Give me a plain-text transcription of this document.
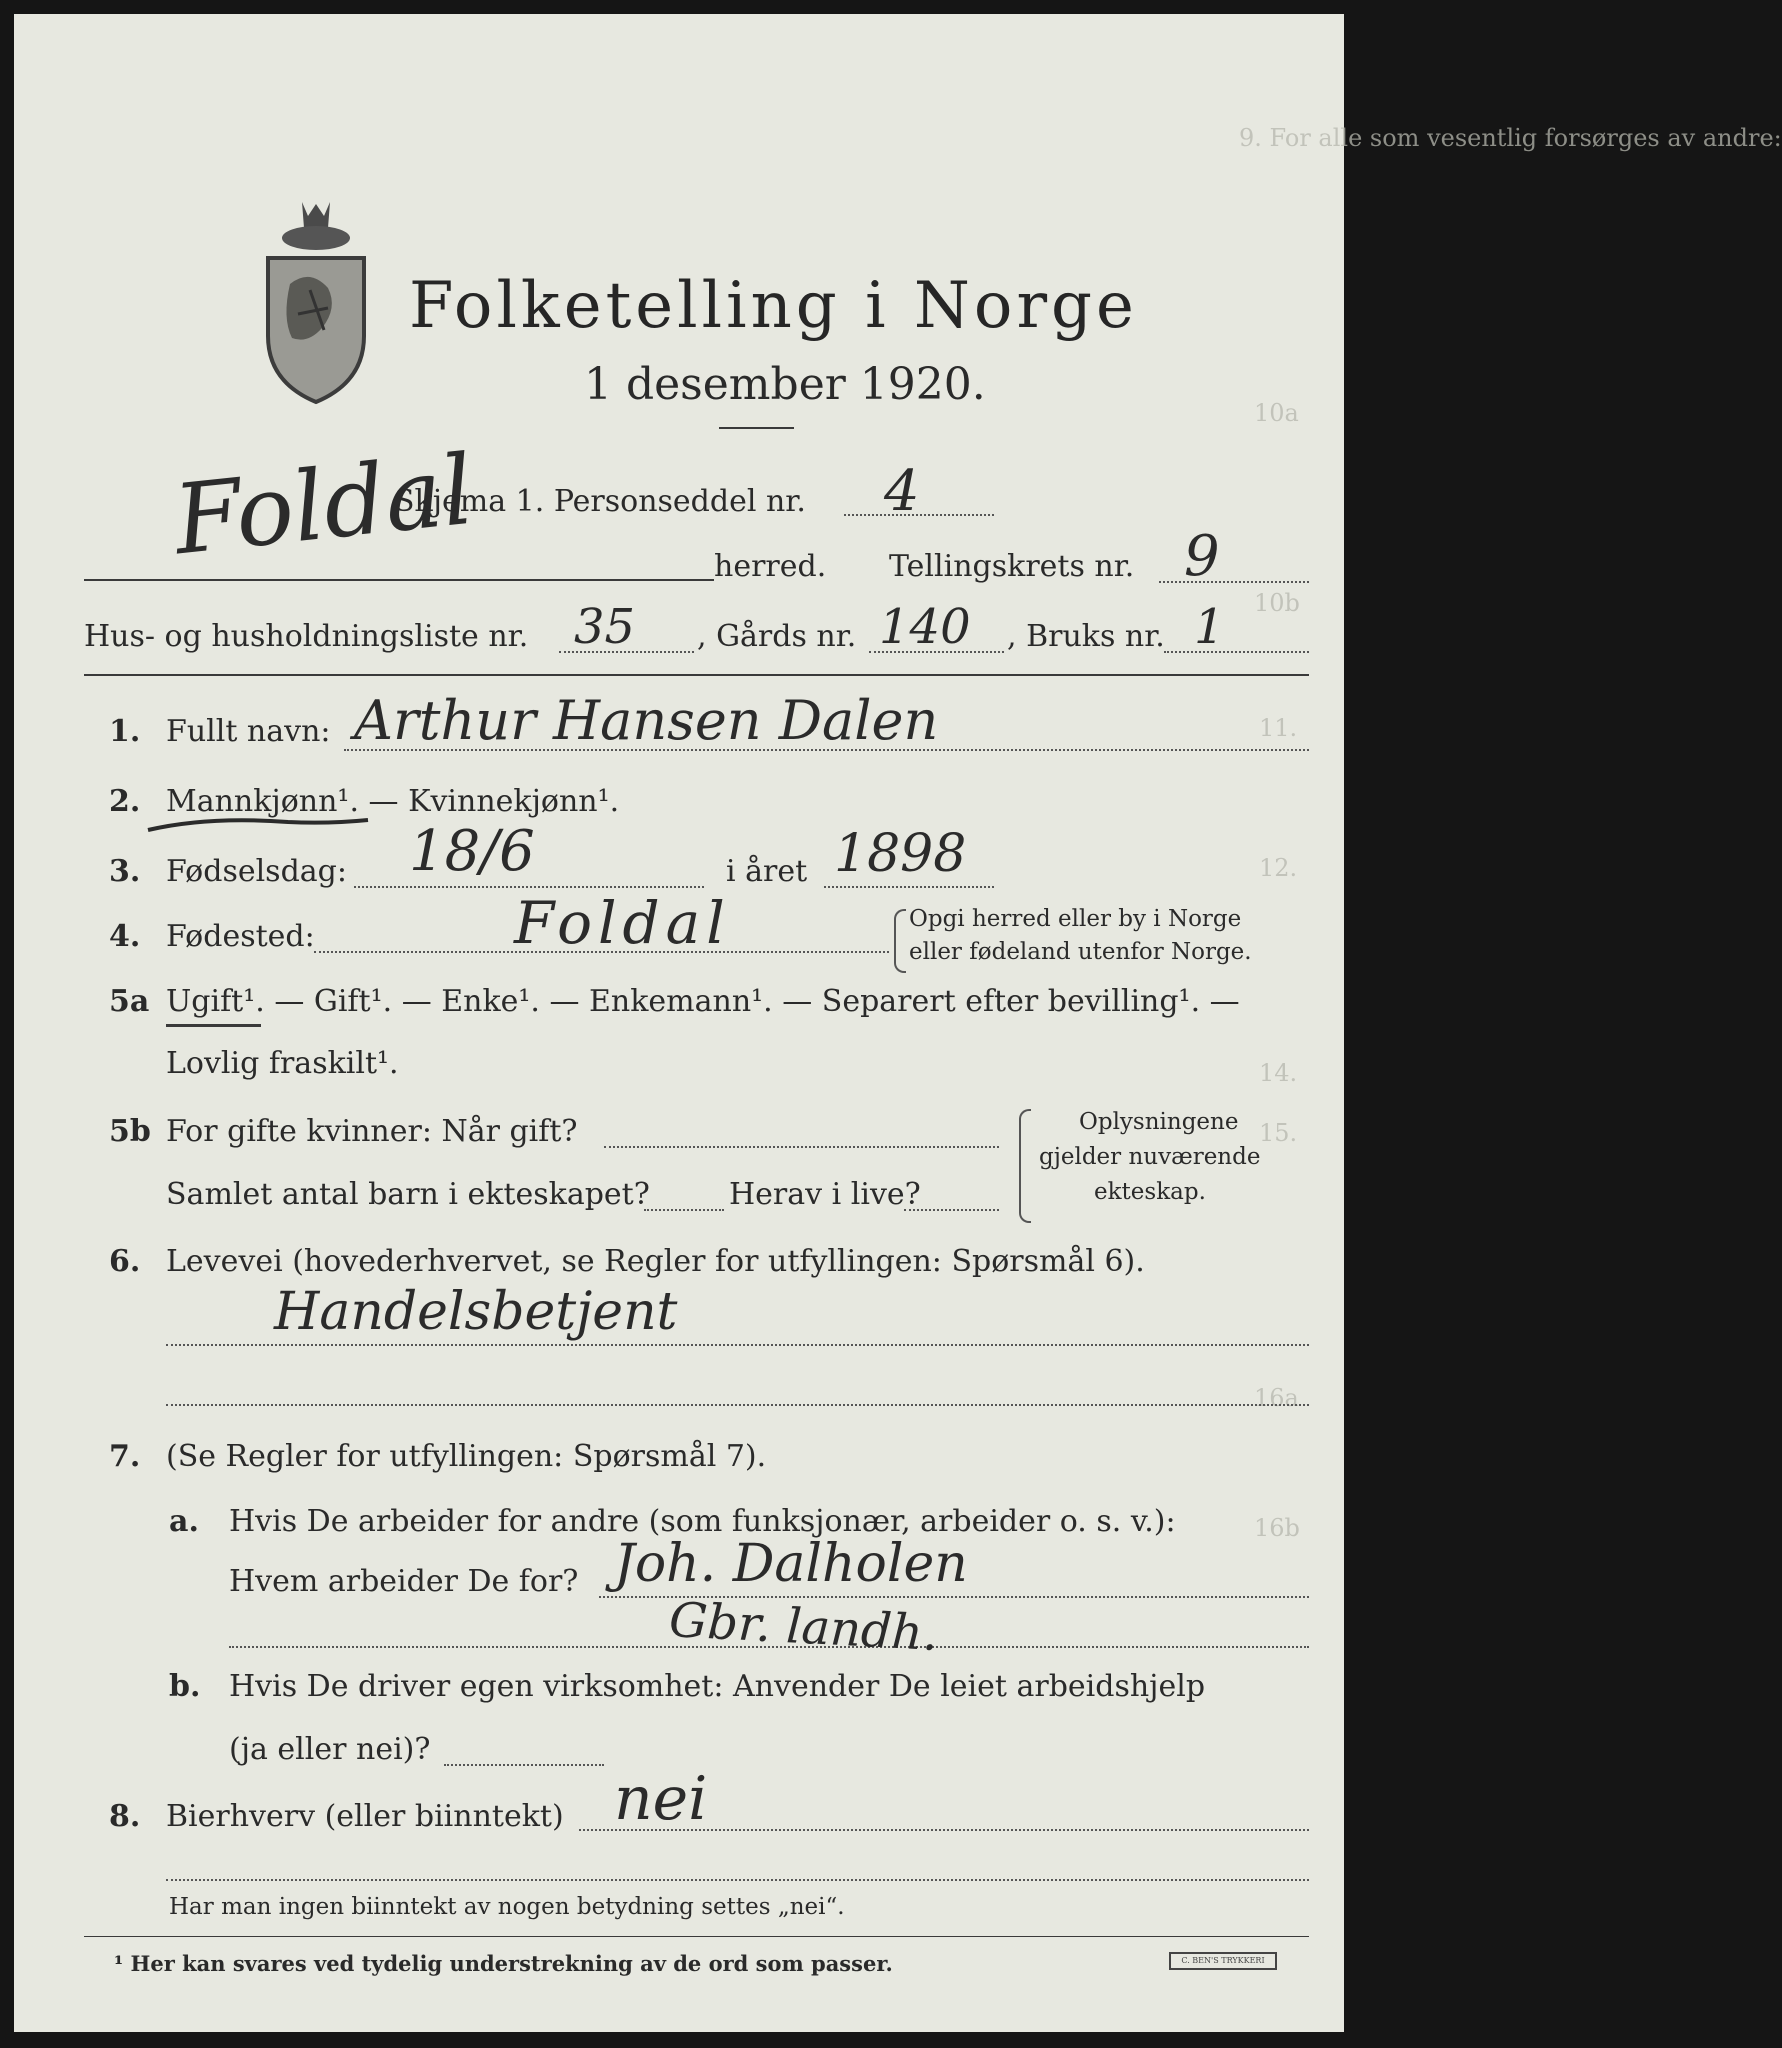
9. For alle som vesentlig forsørges av andre:
10a
10b
11.
12.
14.
15.
16a
16b
Folketelling i Norge
1 desember 1920.
Foldal
Skjema 1. Personseddel nr. 4
herred. Tellingskrets nr. 9
Hus- og husholdningsliste nr. 35 , Gårds nr. 140 , Bruks nr. 1
1. Fullt navn: Arthur Hansen Dalen
2. Mannkjønn¹. — Kvinnekjønn¹.
3. Fødselsdag: 18/6	i året 1898
4. Fødested:	Foldal	Opgi herred eller by i Norge
eller fødeland utenfor Norge.
5a Ugift¹. — Gift¹. — Enke¹. — Enkemann¹. — Separert efter bevilling¹. —
Lovlig fraskilt¹.
5b For gifte kvinner: Når gift?
Samlet antal barn i ekteskapet?	Herav i live?
Oplysningene
gjelder nuværende
ekteskap.
6. Levevei (hovederhvervet, se Regler for utfyllingen: Spørsmål 6).
Handelsbetjent
7. (Se Regler for utfyllingen: Spørsmål 7).
a. Hvis De arbeider for andre (som funksjonær, arbeider o. s. v.):
Hvem arbeider De for? Joh. Dalholen
Gbr. landh.
b. Hvis De driver egen virksomhet: Anvender De leiet arbeidshjelp
(ja eller nei)?
8. Bierhverv (eller biinntekt) nei
Har man ingen biinntekt av nogen betydning settes „nei“.
¹ Her kan svares ved tydelig understrekning av de ord som passer.	C. BEN'S TRYKKERI
